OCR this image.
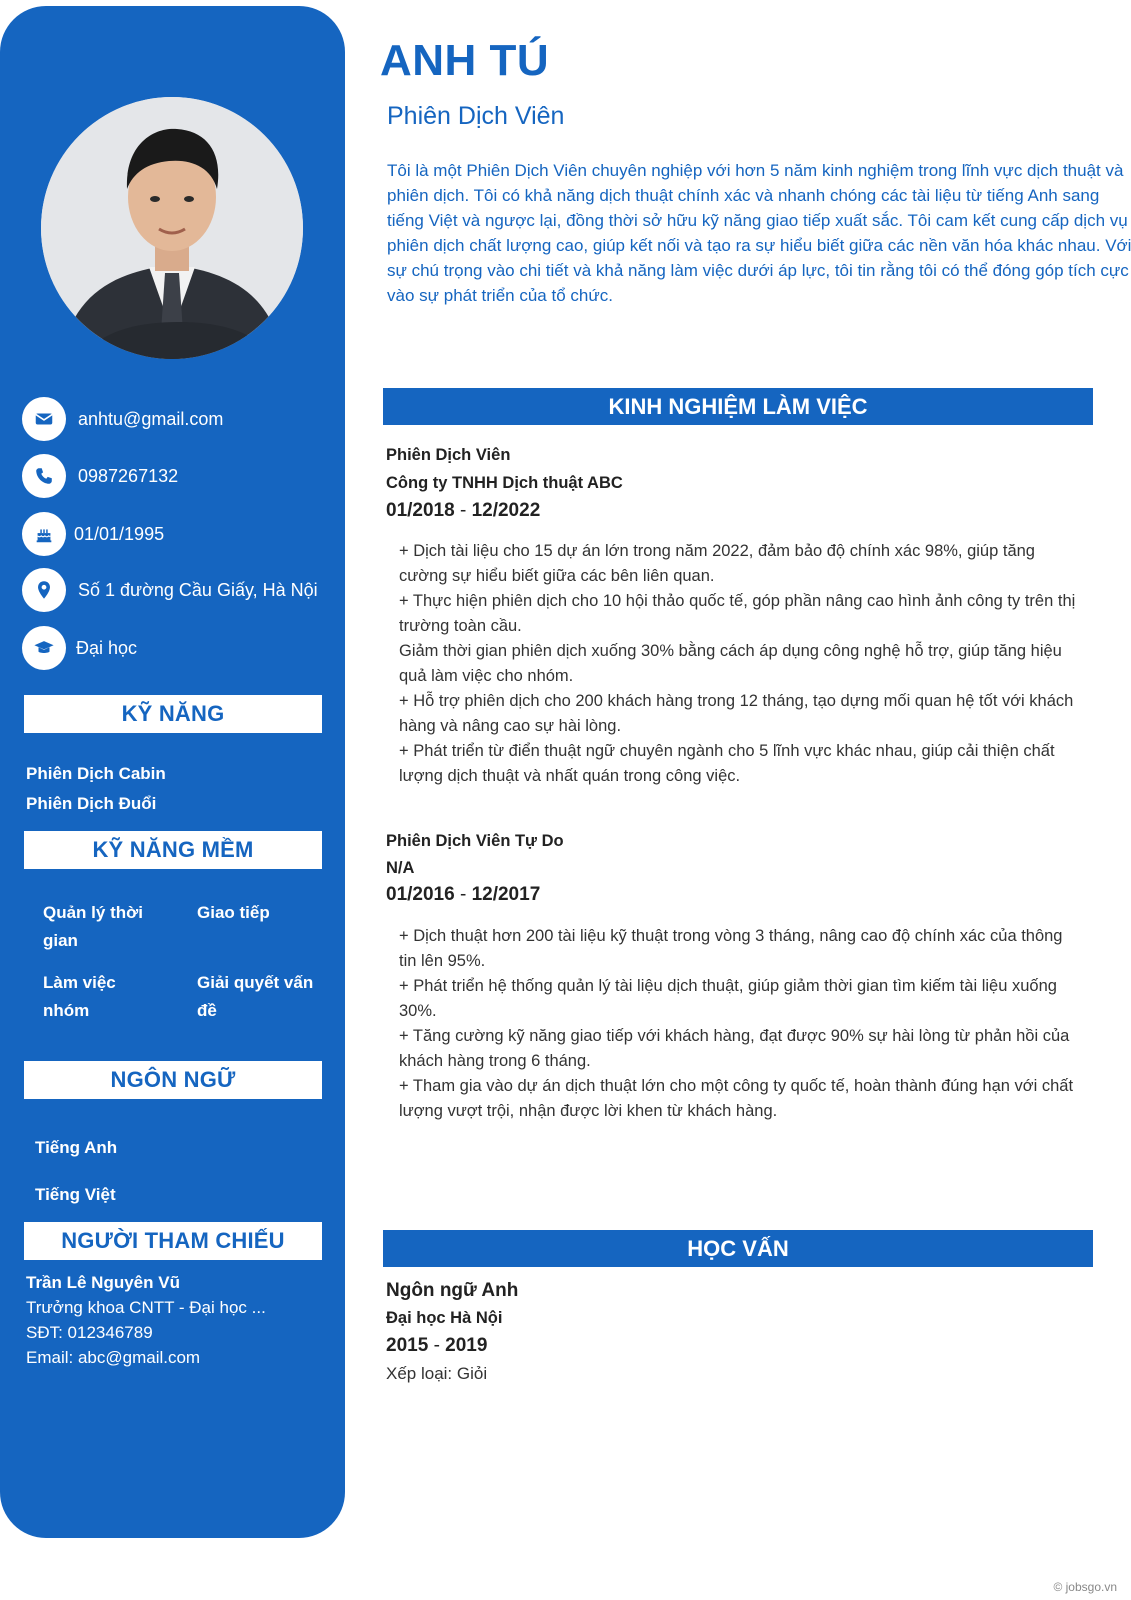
anhtu@gmail.com
0987267132
01/01/1995
Số 1 đường Cầu Giấy, Hà Nội
Đại học
KỸ NĂNG
Phiên Dịch Cabin
Phiên Dịch Đuổi
KỸ NĂNG MỀM
Quản lý thời gian
Giao tiếp
Làm việc nhóm
Giải quyết vấn đề
NGÔN NGỮ
Tiếng Anh
Tiếng Việt
NGƯỜI THAM CHIẾU
Trần Lê Nguyên Vũ
Trưởng khoa CNTT - Đại học ...
SĐT: 012346789
Email: abc@gmail.com
ANH TÚ
Phiên Dịch Viên
Tôi là một Phiên Dịch Viên chuyên nghiệp với hơn 5 năm kinh nghiệm trong lĩnh vực dịch thuật và phiên dịch. Tôi có khả năng dịch thuật chính xác và nhanh chóng các tài liệu từ tiếng Anh sang tiếng Việt và ngược lại, đồng thời sở hữu kỹ năng giao tiếp xuất sắc. Tôi cam kết cung cấp dịch vụ phiên dịch chất lượng cao, giúp kết nối và tạo ra sự hiểu biết giữa các nền văn hóa khác nhau. Với sự chú trọng vào chi tiết và khả năng làm việc dưới áp lực, tôi tin rằng tôi có thể đóng góp tích cực vào sự phát triển của tổ chức.
KINH NGHIỆM LÀM VIỆC
Phiên Dịch Viên
Công ty TNHH Dịch thuật ABC
01/2018 - 12/2022
+ Dịch tài liệu cho 15 dự án lớn trong năm 2022, đảm bảo độ chính xác 98%, giúp tăng cường sự hiểu biết giữa các bên liên quan.
+ Thực hiện phiên dịch cho 10 hội thảo quốc tế, góp phần nâng cao hình ảnh công ty trên thị trường toàn cầu.
Giảm thời gian phiên dịch xuống 30% bằng cách áp dụng công nghệ hỗ trợ, giúp tăng hiệu quả làm việc cho nhóm.
+ Hỗ trợ phiên dịch cho 200 khách hàng trong 12 tháng, tạo dựng mối quan hệ tốt với khách hàng và nâng cao sự hài lòng.
+ Phát triển từ điển thuật ngữ chuyên ngành cho 5 lĩnh vực khác nhau, giúp cải thiện chất lượng dịch thuật và nhất quán trong công việc.
Phiên Dịch Viên Tự Do
N/A
01/2016 - 12/2017
+ Dịch thuật hơn 200 tài liệu kỹ thuật trong vòng 3 tháng, nâng cao độ chính xác của thông tin lên 95%.
+ Phát triển hệ thống quản lý tài liệu dịch thuật, giúp giảm thời gian tìm kiếm tài liệu xuống 30%.
+ Tăng cường kỹ năng giao tiếp với khách hàng, đạt được 90% sự hài lòng từ phản hồi của khách hàng trong 6 tháng.
+ Tham gia vào dự án dịch thuật lớn cho một công ty quốc tế, hoàn thành đúng hạn với chất lượng vượt trội, nhận được lời khen từ khách hàng.
HỌC VẤN
Ngôn ngữ Anh
Đại học Hà Nội
2015 - 2019
Xếp loại: Giỏi
© jobsgo.vn
